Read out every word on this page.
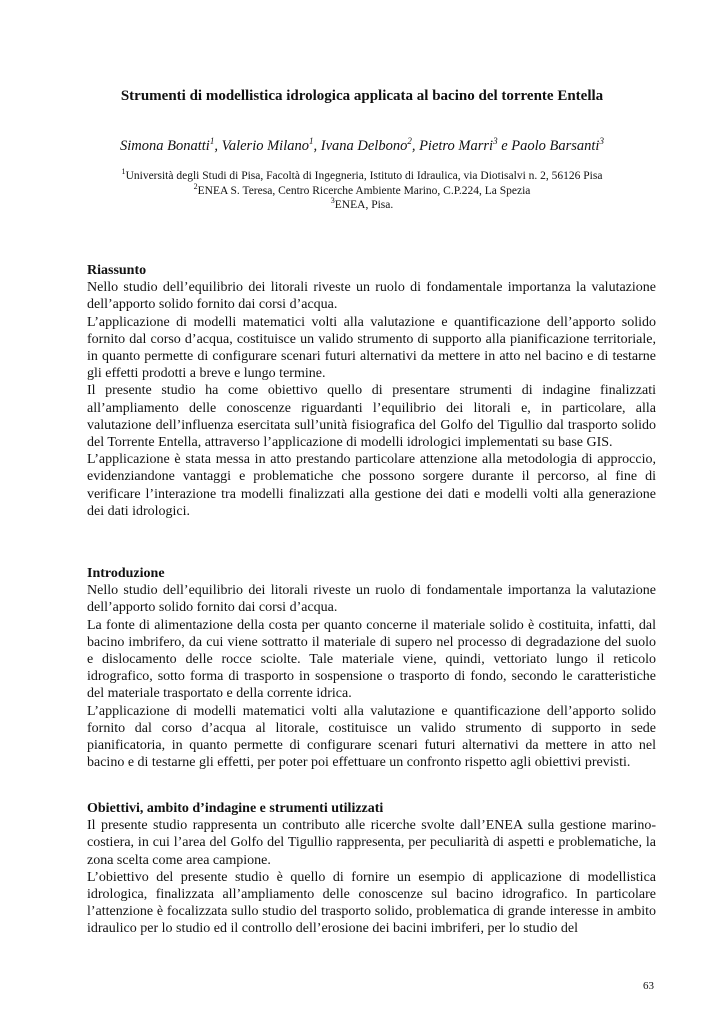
Strumenti di modellistica idrologica applicata al bacino del torrente Entella
Simona Bonatti$^1$, Valerio Milano$^1$, Ivana Delbono$^2$, Pietro Marri$^3$ e Paolo Barsanti$^3$
$^1$Università degli Studi di Pisa, Facoltà di Ingegneria, Istituto di Idraulica, via Diotisalvi n. 2, 56126 Pisa
$^2$ENEA S. Teresa, Centro Ricerche Ambiente Marino, C.P.224, La Spezia
$^3$ENEA, Pisa.
Riassunto

Nello studio dell’equilibrio dei litorali riveste un ruolo di fondamentale importanza la valutazione dell’apporto solido fornito dai corsi d’acqua.

L’applicazione di modelli matematici volti alla valutazione e quantificazione dell’apporto solido fornito dal corso d’acqua, costituisce un valido strumento di supporto alla pianificazione territoriale, in quanto permette di configurare scenari futuri alternativi da mettere in atto nel bacino e di testarne gli effetti prodotti a breve e lungo termine.

Il presente studio ha come obiettivo quello di presentare strumenti di indagine finalizzati all’ampliamento delle conoscenze riguardanti l’equilibrio dei litorali e, in particolare, alla valutazione dell’influenza esercitata sull’unità fisiografica del Golfo del Tigullio dal trasporto solido del Torrente Entella, attraverso l’applicazione di modelli idrologici implementati su base GIS.

L’applicazione è stata messa in atto prestando particolare attenzione alla metodologia di approccio, evidenziandone vantaggi e problematiche che possono sorgere durante il percorso, al fine di verificare l’interazione tra modelli finalizzati alla gestione dei dati e modelli volti alla generazione dei dati idrologici.

Introduzione

Nello studio dell’equilibrio dei litorali riveste un ruolo di fondamentale importanza la valutazione dell’apporto solido fornito dai corsi d’acqua.

La fonte di alimentazione della costa per quanto concerne il materiale solido è costituita, infatti, dal bacino imbrifero, da cui viene sottratto il materiale di supero nel processo di degradazione del suolo e dislocamento delle rocce sciolte. Tale materiale viene, quindi, vettoriato lungo il reticolo idrografico, sotto forma di trasporto in sospensione o trasporto di fondo, secondo le caratteristiche del materiale trasportato e della corrente idrica.

L’applicazione di modelli matematici volti alla valutazione e quantificazione dell’apporto solido fornito dal corso d’acqua al litorale, costituisce un valido strumento di supporto in sede pianificatoria, in quanto permette di configurare scenari futuri alternativi da mettere in atto nel bacino e di testarne gli effetti, per poter poi effettuare un confronto rispetto agli obiettivi previsti.

Obiettivi, ambito d’indagine e strumenti utilizzati

Il presente studio rappresenta un contributo alle ricerche svolte dall’ENEA sulla gestione marino-costiera, in cui l’area del Golfo del Tigullio rappresenta, per peculiarità di aspetti e problematiche, la zona scelta come area campione.

L’obiettivo del presente studio è quello di fornire un esempio di applicazione di modellistica idrologica, finalizzata all’ampliamento delle conoscenze sul bacino idrografico. In particolare l’attenzione è focalizzata sullo studio del trasporto solido, problematica di grande interesse in ambito idraulico per lo studio ed il controllo dell’erosione dei bacini imbriferi, per lo studio del

63
